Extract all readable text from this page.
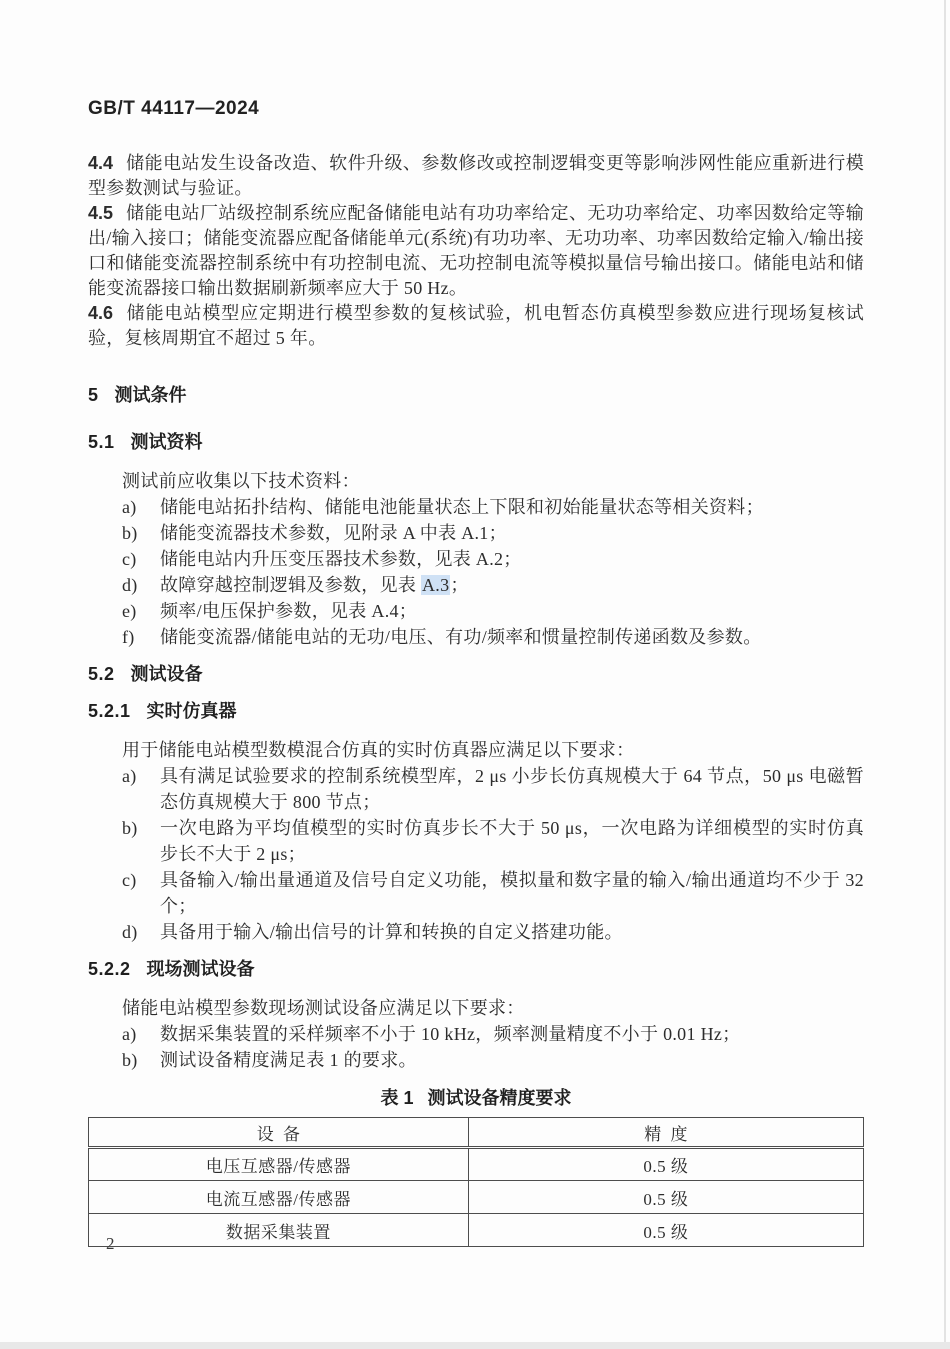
GB/T 44117—2024

4.4 储能电站发生设备改造、软件升级、参数修改或控制逻辑变更等影响涉网性能应重新进行模型参数测试与验证。

4.5 储能电站厂站级控制系统应配备储能电站有功功率给定、无功功率给定、功率因数给定等输出/输入接口；储能变流器应配备储能单元(系统)有功功率、无功功率、功率因数给定输入/输出接口和储能变流器控制系统中有功控制电流、无功控制电流等模拟量信号输出接口。储能电站和储能变流器接口输出数据刷新频率应大于 50 Hz。

4.6 储能电站模型应定期进行模型参数的复核试验，机电暂态仿真模型参数应进行现场复核试验，复核周期宜不超过 5 年。

5 测试条件
5.1 测试资料

测试前应收集以下技术资料：

a)	储能电站拓扑结构、储能电池能量状态上下限和初始能量状态等相关资料；
b)	储能变流器技术参数，见附录 A 中表 A.1；
c)	储能电站内升压变压器技术参数，见表 A.2；
d)	故障穿越控制逻辑及参数，见表 A.3；
e)	频率/电压保护参数，见表 A.4；
f)	储能变流器/储能电站的无功/电压、有功/频率和惯量控制传递函数及参数。
5.2 测试设备
5.2.1 实时仿真器

用于储能电站模型数模混合仿真的实时仿真器应满足以下要求：

a)	具有满足试验要求的控制系统模型库，2 μs 小步长仿真规模大于 64 节点，50 μs 电磁暂态仿真规模大于 800 节点；
b)	一次电路为平均值模型的实时仿真步长不大于 50 μs，一次电路为详细模型的实时仿真步长不大于 2 μs；
c)	具备输入/输出量通道及信号自定义功能，模拟量和数字量的输入/输出通道均不少于 32 个；
d)	具备用于输入/输出信号的计算和转换的自定义搭建功能。
5.2.2 现场测试设备

储能电站模型参数现场测试设备应满足以下要求：

a)	数据采集装置的采样频率不小于 10 kHz，频率测量精度不小于 0.01 Hz；
b)	测试设备精度满足表 1 的要求。
表 1 测试设备精度要求
设备	精度
电压互感器/传感器	0.5 级
电流互感器/传感器	0.5 级
数据采集装置	0.5 级
2
